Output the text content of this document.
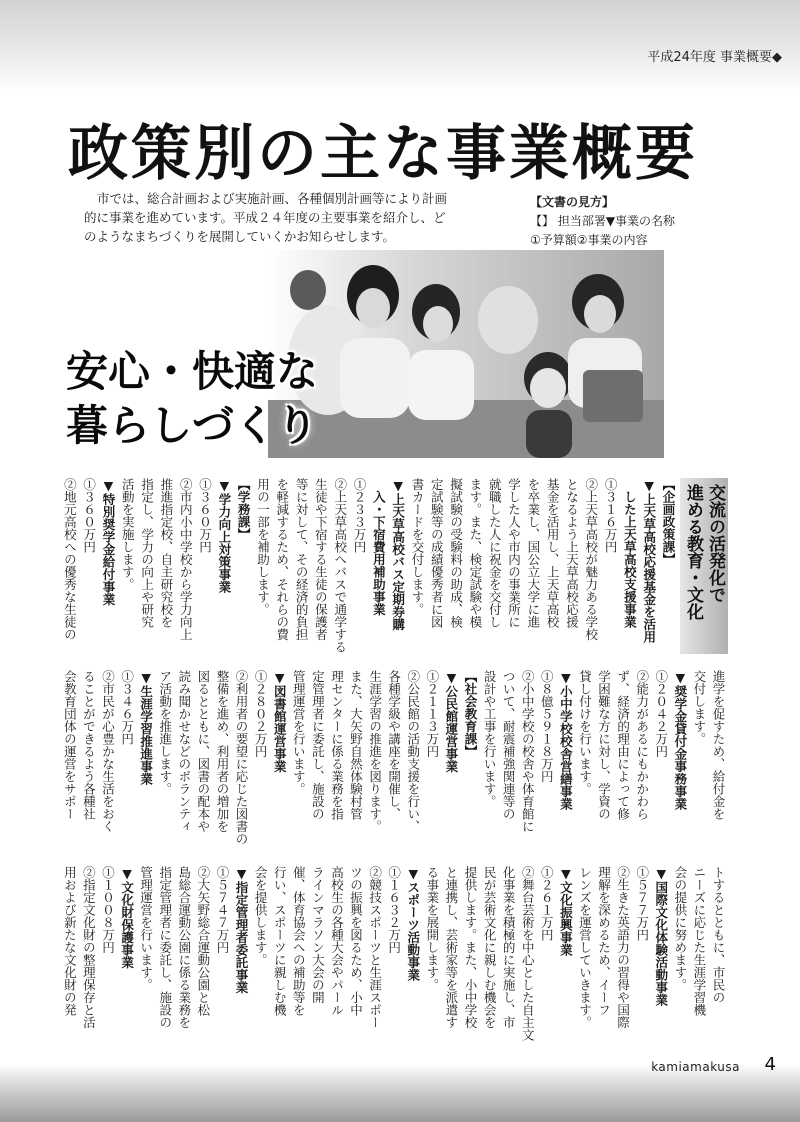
平成24年度 事業概要◆
政策別の主な事業概要

市では、総合計画および実施計画、各種個別計画等により計画的に事業を進めています。平成２４年度の主要事業を紹介し、どのようなまちづくりを展開していくかお知らせします。

【文書の見方】
【】 担当部署▼事業の名称
①予算額②事業の内容
安心・快適な
暮らしづくり
交流の活発化で
進める教育・文化
【企画政策課】
▼上天草高校応援基金を活用
　した上天草高校支援事業
①３１６万円
②上天草高校が魅力ある学校
となるよう上天草高校応援
基金を活用し、上天草高校
を卒業し、国公立大学に進
学した人や市内の事業所に
就職した人に祝金を交付し
ます。また、検定試験や模
擬試験の受験料の助成、検
定試験等の成績優秀者に図
書カードを交付します。
▼上天草高校バス定期券購
　入・下宿費用補助事業
①２３３万円
②上天草高校へバスで通学する
生徒や下宿する生徒の保護者
等に対して、その経済的負担
を軽減するため、それらの費
用の一部を補助します。
【学務課】
▼学力向上対策事業
①３６０万円
②市内小中学校から学力向上
推進指定校、自主研究校を
指定し、学力の向上や研究
活動を実施します。
▼特別奨学金給付事業
①３６０万円
②地元高校への優秀な生徒の
進学を促すため、給付金を
交付します。
▼奨学金貸付金事務事業
①２０４２万円
②能力があるにもかかわら
ず、経済的理由によって修
学困難な方に対し、学資の
貸し付けを行います。
▼小中学校校舎営繕事業
①８億５９１８万円
②小中学校の校舎や体育館に
ついて、耐震補強関連等の
設計や工事を行います。
【社会教育課】
▼公民館運営事業
①２１１３万円
②公民館の活動支援を行い、
各種学級や講座を開催し、
生涯学習の推進を図ります。
また、大矢野自然体験村管
理センターに係る業務を指
定管理者に委託し、施設の
管理運営を行います。
▼図書館運営事業
①２８０２万円
②利用者の要望に応じた図書の
整備を進め、利用者の増加を
図るとともに、図書の配本や
読み聞かせなどのボランティ
ア活動を推進します。
▼生涯学習推進事業
①３４６万円
②市民が心豊かな生活をおく
ることができるよう各種社
会教育団体の運営をサポー
トするとともに、市民の
ニーズに応じた生涯学習機
会の提供に努めます。
▼国際文化体験活動事業
①５７７万円
②生きた英語力の習得や国際
理解を深めるため、イーフ
レンズを運営していきます。
▼文化振興事業
①２６１万円
②舞台芸術を中心とした自主文
化事業を積極的に実施し、市
民が芸術文化に親しむ機会を
提供します。また、小中学校
と連携し、芸術家等を派遣す
る事業を展開します。
▼スポーツ活動事業
①１６３２万円
②競技スポーツと生涯スポー
ツの振興を図るため、小中
高校生の各種大会やパール
ラインマラソン大会の開
催、体育協会への補助等を
行い、スポーツに親しむ機
会を提供します。
▼指定管理者委託事業
①５７４７万円
②大矢野総合運動公園と松
島総合運動公園に係る業務を
指定管理者に委託し、施設の
管理運営を行います。
▼文化財保護事業
①１００８万円
②指定文化財の整理保存と活
用および新たな文化財の発
kamiamakusa 4
